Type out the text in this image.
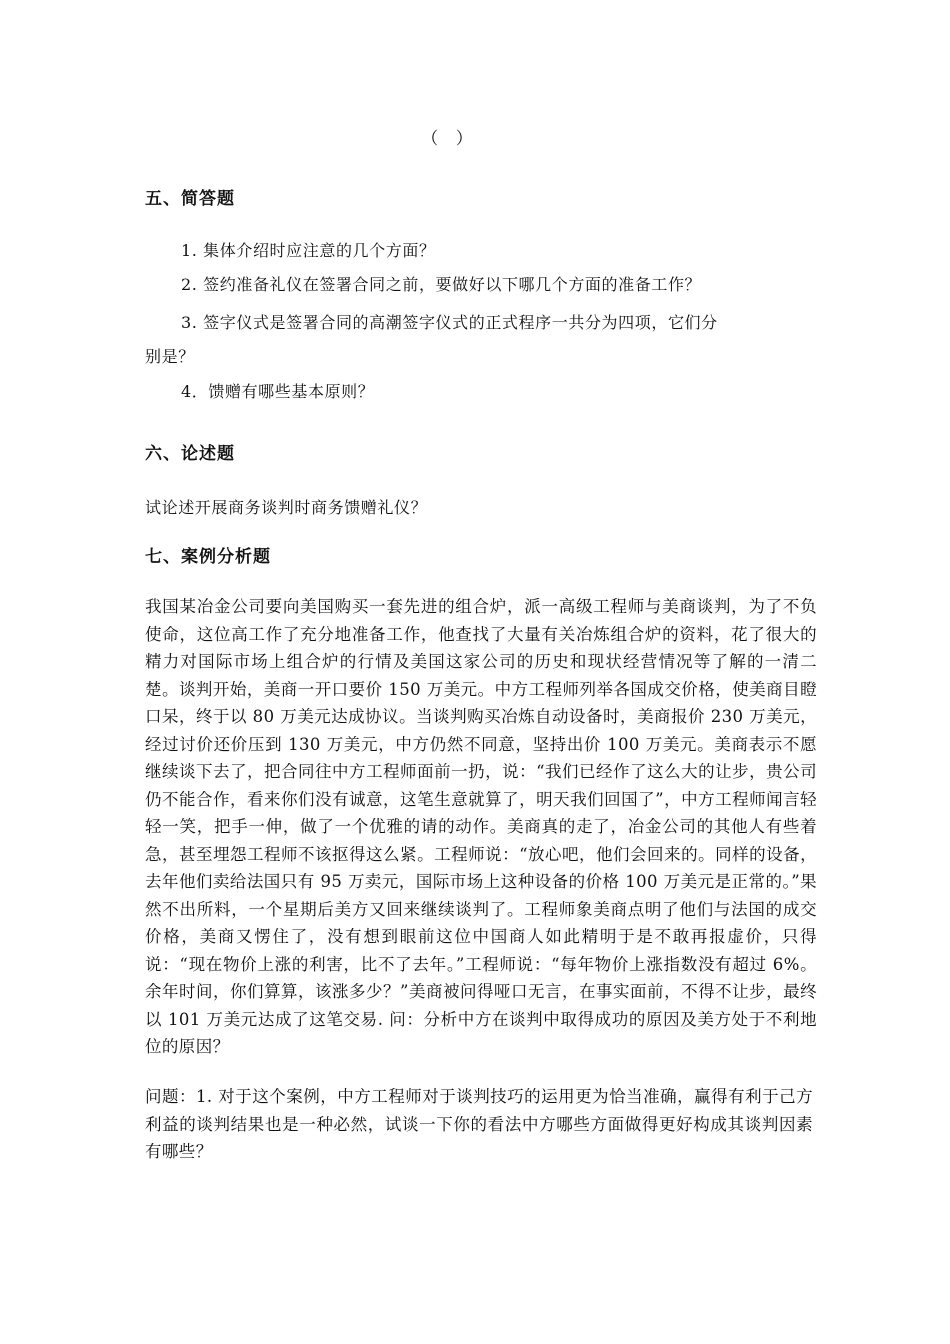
（ ）
五、简答题
1. 集体介绍时应注意的几个方面？
2. 签约准备礼仪在签署合同之前，要做好以下哪几个方面的准备工作？
3. 签字仪式是签署合同的高潮签字仪式的正式程序一共分为四项，它们分
别是？
4．馈赠有哪些基本原则？
六、论述题
试论述开展商务谈判时商务馈赠礼仪？
七、案例分析题
我国某冶金公司要向美国购买一套先进的组合炉，派一高级工程师与美商谈判，为了不负使命，这位高工作了充分地准备工作，他查找了大量有关冶炼组合炉的资料，花了很大的精力对国际市场上组合炉的行情及美国这家公司的历史和现状经营情况等了解的一清二楚。谈判开始，美商一开口要价 150 万美元。中方工程师列举各国成交价格，使美商目瞪口呆，终于以 80 万美元达成协议。当谈判购买冶炼自动设备时，美商报价 230 万美元，经过讨价还价压到 130 万美元，中方仍然不同意，坚持出价 100 万美元。美商表示不愿继续谈下去了，把合同往中方工程师面前一扔，说：“我们已经作了这么大的让步，贵公司仍不能合作，看来你们没有诚意，这笔生意就算了，明天我们回国了”，中方工程师闻言轻轻一笑，把手一伸，做了一个优雅的请的动作。美商真的走了，冶金公司的其他人有些着急，甚至埋怨工程师不该抠得这么紧。工程师说：“放心吧，他们会回来的。同样的设备，去年他们卖给法国只有 95 万卖元，国际市场上这种设备的价格 100 万美元是正常的。”果然不出所料，一个星期后美方又回来继续谈判了。工程师象美商点明了他们与法国的成交价格，美商又愣住了，没有想到眼前这位中国商人如此精明于是不敢再报虚价，只得说：“现在物价上涨的利害，比不了去年。”工程师说：“每年物价上涨指数没有超过 6%。余年时间，你们算算，该涨多少？”美商被问得哑口无言，在事实面前，不得不让步，最终以 101 万美元达成了这笔交易. 问：分析中方在谈判中取得成功的原因及美方处于不利地位的原因？
问题：1. 对于这个案例，中方工程师对于谈判技巧的运用更为恰当准确，赢得有利于己方利益的谈判结果也是一种必然，试谈一下你的看法中方哪些方面做得更好构成其谈判因素有哪些？
